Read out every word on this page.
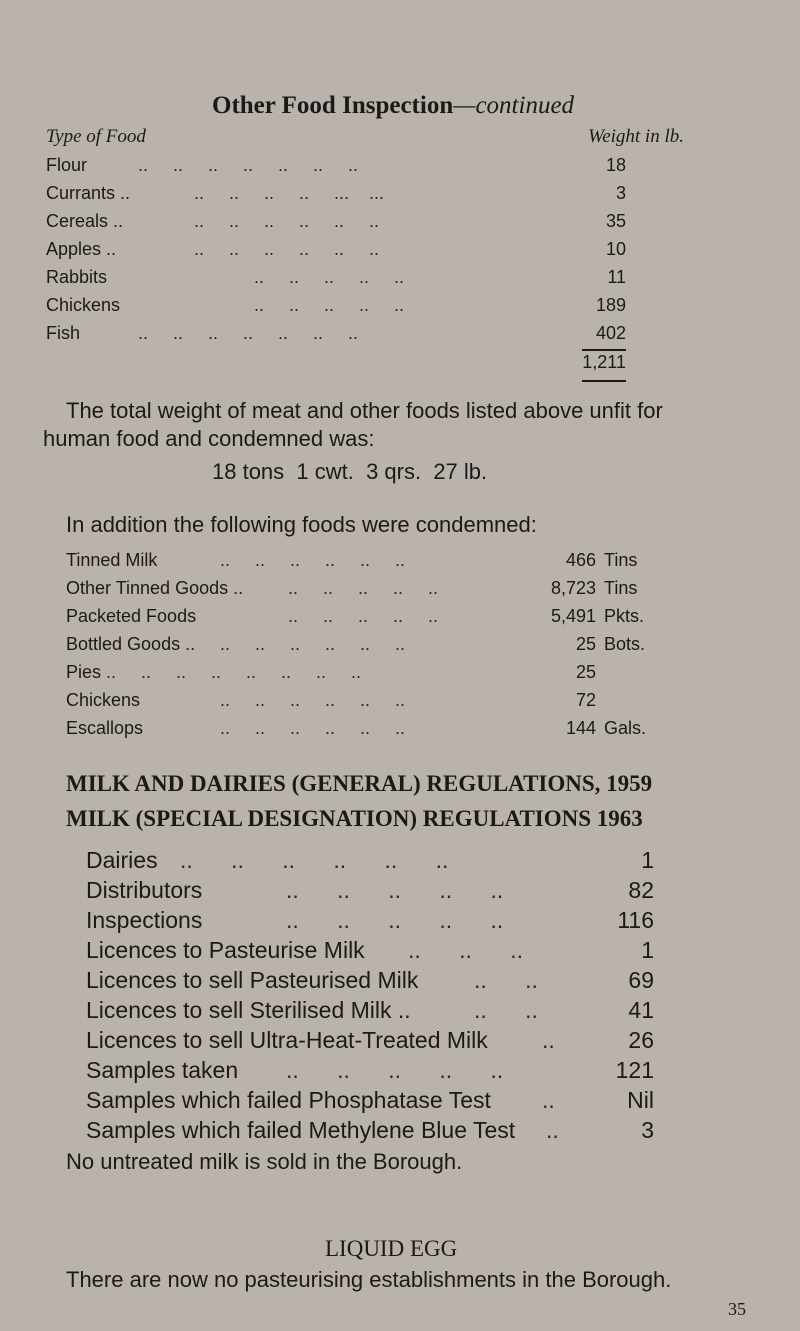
Other Food Inspection—continued
Type of Food	Weight in lb.
Flour	..     ..     ..     ..     ..     ..     ..	18
Currants ..	..     ..     ..     ..     ...    ...	3
Cereals ..	..     ..     ..     ..     ..     ..	35
Apples ..	..     ..     ..     ..     ..     ..	10
Rabbits	..     ..     ..     ..     ..	11
Chickens	..     ..     ..     ..     ..	189
Fish	..     ..     ..     ..     ..     ..     ..	402
1,211
The total weight of meat and other foods listed above unfit for
human food and condemned was:
18 tons  1 cwt.  3 qrs.  27 lb.
In addition the following foods were condemned:
Tinned Milk	..     ..     ..     ..     ..     ..	466 Tins
Other Tinned Goods .. ..     ..     ..     ..     ..	8,723 Tins
Packeted Foods	..     ..     ..     ..     ..	5,491 Pkts.
Bottled Goods .. ..     ..     ..     ..     ..     ..	25 Bots.
Pies ..     ..     ..     ..     ..     ..     ..     ..	25
Chickens	..     ..     ..     ..     ..     ..	72
Escallops	..     ..     ..     ..     ..     ..	144 Gals.
MILK AND DAIRIES (GENERAL) REGULATIONS, 1959
MILK (SPECIAL DESIGNATION) REGULATIONS 1963
Dairies ..      ..      ..      ..      ..      ..	1
Distributors	..      ..      ..      ..      ..	82
Inspections	..      ..      ..      ..      ..	116
Licences to Pasteurise Milk ..      ..      ..	1
Licences to sell Pasteurised Milk ..      ..	69
Licences to sell Sterilised Milk ..	..      ..	41
Licences to sell Ultra-Heat-Treated Milk ..	26
Samples taken ..      ..      ..      ..      ..	121
Samples which failed Phosphatase Test ..	Nil
Samples which failed Methylene Blue Test ..	3
No untreated milk is sold in the Borough.
LIQUID EGG
There are now no pasteurising establishments in the Borough.
35
